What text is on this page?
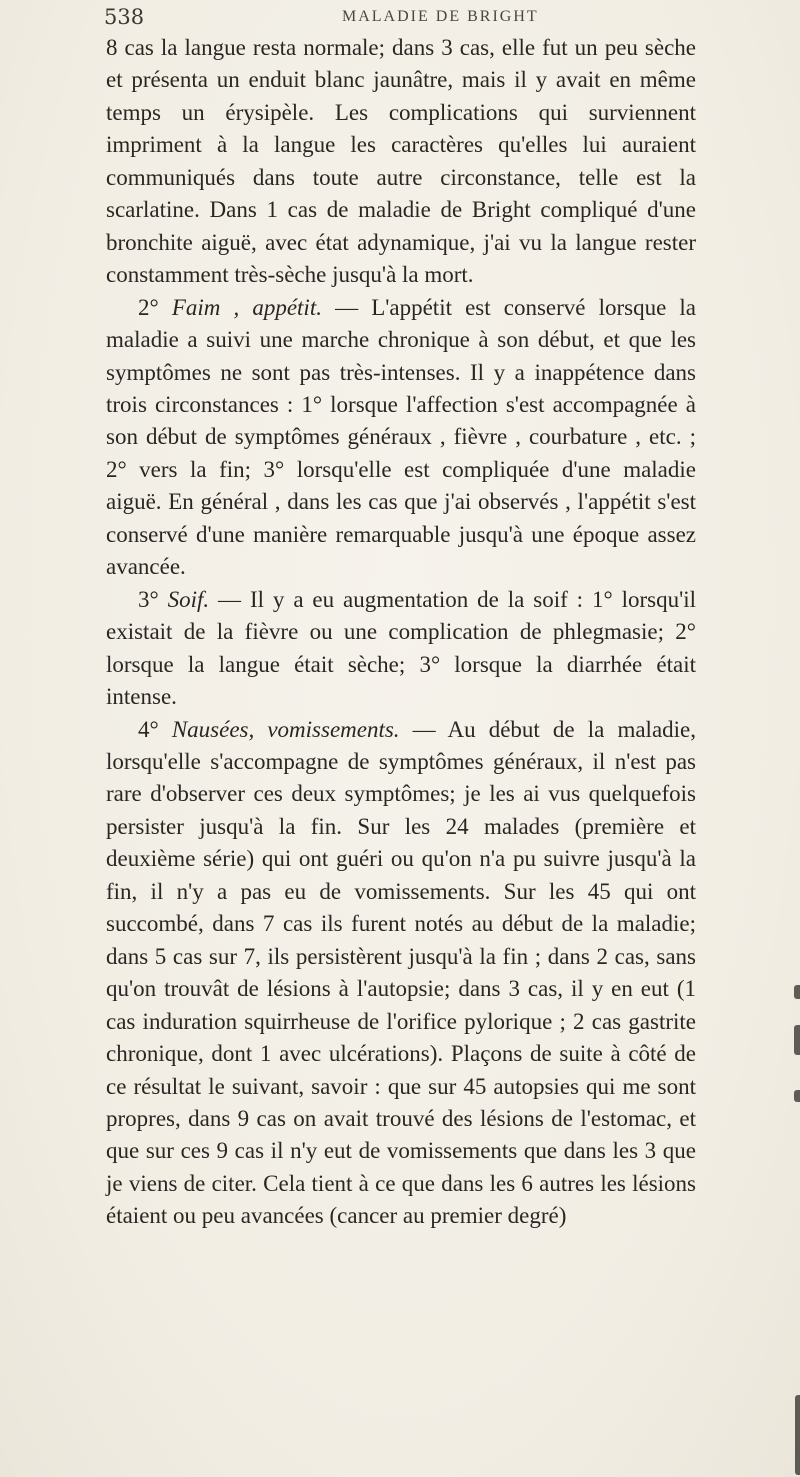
538	MALADIE DE BRIGHT

8 cas la langue resta normale; dans 3 cas, elle fut un peu sèche et présenta un enduit blanc jaunâtre, mais il y avait en même temps un érysipèle. Les complications qui surviennent impriment à la langue les caractères qu'elles lui auraient communiqués dans toute autre circonstance, telle est la scarlatine. Dans 1 cas de maladie de Bright compliqué d'une bronchite aiguë, avec état adynamique, j'ai vu la langue rester constamment très-sèche jusqu'à la mort.

2° Faim , appétit. — L'appétit est conservé lorsque la maladie a suivi une marche chronique à son début, et que les symptômes ne sont pas très-intenses. Il y a inappétence dans trois circonstances : 1° lorsque l'affection s'est accompagnée à son début de symptômes généraux , fièvre , courbature , etc. ; 2° vers la fin; 3° lorsqu'elle est compliquée d'une maladie aiguë. En général , dans les cas que j'ai observés , l'appétit s'est conservé d'une manière remarquable jusqu'à une époque assez avancée.

3° Soif. — Il y a eu augmentation de la soif : 1° lorsqu'il existait de la fièvre ou une complication de phlegmasie; 2° lorsque la langue était sèche; 3° lorsque la diarrhée était intense.

4° Nausées, vomissements. — Au début de la maladie, lorsqu'elle s'accompagne de symptômes généraux, il n'est pas rare d'observer ces deux symptômes; je les ai vus quelquefois persister jusqu'à la fin. Sur les 24 malades (première et deuxième série) qui ont guéri ou qu'on n'a pu suivre jusqu'à la fin, il n'y a pas eu de vomissements. Sur les 45 qui ont succombé, dans 7 cas ils furent notés au début de la maladie; dans 5 cas sur 7, ils persistèrent jusqu'à la fin ; dans 2 cas, sans qu'on trouvât de lésions à l'autopsie; dans 3 cas, il y en eut (1 cas induration squirrheuse de l'orifice pylorique ; 2 cas gastrite chronique, dont 1 avec ulcérations). Plaçons de suite à côté de ce résultat le suivant, savoir : que sur 45 autopsies qui me sont propres, dans 9 cas on avait trouvé des lésions de l'estomac, et que sur ces 9 cas il n'y eut de vomissements que dans les 3 que je viens de citer. Cela tient à ce que dans les 6 autres les lésions étaient ou peu avancées (cancer au premier degré)
